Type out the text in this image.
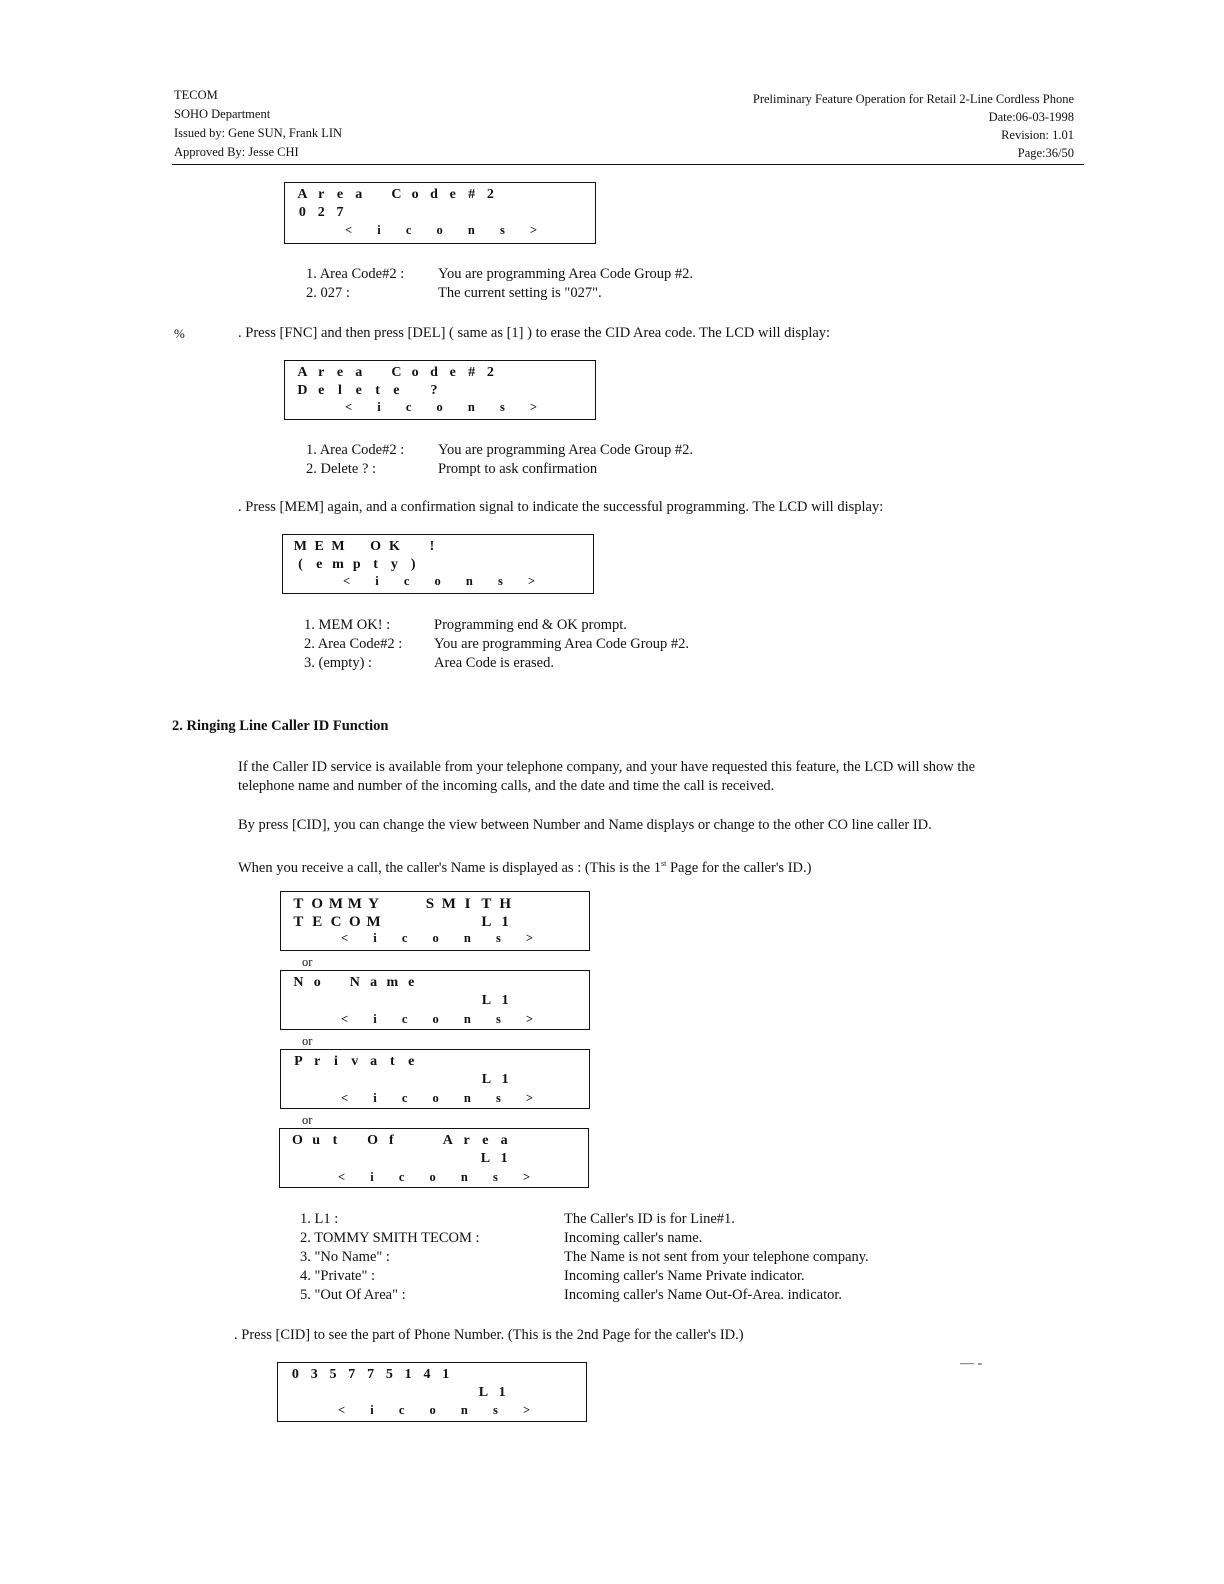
TECOM
SOHO Department
Issued by: Gene SUN, Frank LIN
Approved By: Jesse CHI
Preliminary Feature Operation for Retail 2-Line Cordless Phone
Date:06-03-1998
Revision: 1.01
Page:36/50
A r e a	C o d e # 2
0 2 7
< i c o n s >
1. Area Code#2 : You are programming Area Code Group #2.
2. 027 :	The current setting is "027".
%	. Press [FNC] and then press [DEL] ( same as [1] ) to erase the CID Area code. The LCD will display:
A r e a	C o d e # 2
D e l e t e	?
< i c o n s >
1. Area Code#2 : You are programming Area Code Group #2.
2. Delete ? :	Prompt to ask confirmation
. Press [MEM] again, and a confirmation signal to indicate the successful programming. The LCD will display:
M E M O K	!
( e m p t y )
< i c o n s >
1. MEM OK! :	Programming end & OK prompt.
2. Area Code#2 : You are programming Area Code Group #2.
3. (empty) :	Area Code is erased.
2. Ringing Line Caller ID Function
If the Caller ID service is available from your telephone company, and your have requested this feature, the LCD will show the
telephone name and number of the incoming calls, and the date and time the call is received.
By press [CID], you can change the view between Number and Name displays or change to the other CO line caller ID.
When you receive a call, the caller's Name is displayed as : (This is the 1st Page for the caller's ID.)
T O M M Y	S M I T H
T E C O M	L 1
< i c o n s >
or
N o	N a m e
L 1
< i c o n s >
or
P r i v a t e
L 1
< i c o n s >
or
O u t	O f	A r e a
L 1
< i c o n s >
1. L1 :	The Caller's ID is for Line#1.
2. TOMMY SMITH TECOM :	Incoming caller's name.
3. "No Name" :	The Name is not sent from your telephone company.
4. "Private" :	Incoming caller's Name Private indicator.
5. "Out Of Area" :	Incoming caller's Name Out-Of-Area. indicator.
. Press [CID] to see the part of Phone Number. (This is the 2nd Page for the caller's ID.)
0 3 5 7 7 5 1 4 1
L 1
< i c o n s >
— -
